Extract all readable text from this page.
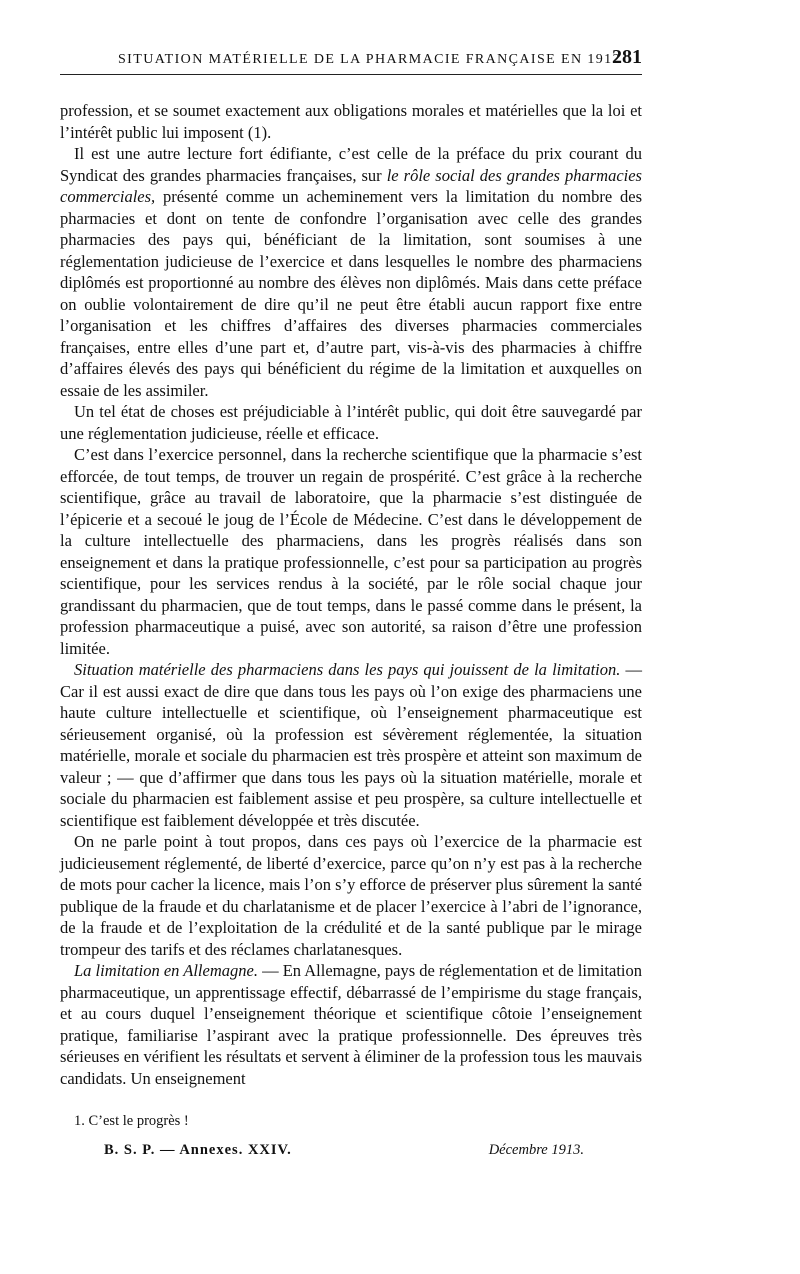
SITUATION MATÉRIELLE DE LA PHARMACIE FRANÇAISE EN 1912
281

profession, et se soumet exactement aux obligations morales et matérielles que la loi et l’intérêt public lui imposent (1).

Il est une autre lecture fort édifiante, c’est celle de la préface du prix courant du Syndicat des grandes pharmacies françaises, sur le rôle social des grandes pharmacies commerciales, présenté comme un acheminement vers la limitation du nombre des pharmacies et dont on tente de confondre l’organisation avec celle des grandes pharmacies des pays qui, bénéficiant de la limitation, sont soumises à une réglementation judicieuse de l’exercice et dans lesquelles le nombre des pharmaciens diplômés est proportionné au nombre des élèves non diplômés. Mais dans cette préface on oublie volontairement de dire qu’il ne peut être établi aucun rapport fixe entre l’organisation et les chiffres d’affaires des diverses pharmacies commerciales françaises, entre elles d’une part et, d’autre part, vis-à-vis des pharmacies à chiffre d’affaires élevés des pays qui bénéficient du régime de la limitation et auxquelles on essaie de les assimiler.

Un tel état de choses est préjudiciable à l’intérêt public, qui doit être sauvegardé par une réglementation judicieuse, réelle et efficace.

C’est dans l’exercice personnel, dans la recherche scientifique que la pharmacie s’est efforcée, de tout temps, de trouver un regain de prospérité. C’est grâce à la recherche scientifique, grâce au travail de laboratoire, que la pharmacie s’est distinguée de l’épicerie et a secoué le joug de l’École de Médecine. C’est dans le développement de la culture intellectuelle des pharmaciens, dans les progrès réalisés dans son enseignement et dans la pratique professionnelle, c’est pour sa participation au progrès scientifique, pour les services rendus à la société, par le rôle social chaque jour grandissant du pharmacien, que de tout temps, dans le passé comme dans le présent, la profession pharmaceutique a puisé, avec son autorité, sa raison d’être une profession limitée.

Situation matérielle des pharmaciens dans les pays qui jouissent de la limitation. — Car il est aussi exact de dire que dans tous les pays où l’on exige des pharmaciens une haute culture intellectuelle et scientifique, où l’enseignement pharmaceutique est sérieusement organisé, où la profession est sévèrement réglementée, la situation matérielle, morale et sociale du pharmacien est très prospère et atteint son maximum de valeur ; — que d’affirmer que dans tous les pays où la situation matérielle, morale et sociale du pharmacien est faiblement assise et peu prospère, sa culture intellectuelle et scientifique est faiblement développée et très discutée.

On ne parle point à tout propos, dans ces pays où l’exercice de la pharmacie est judicieusement réglementé, de liberté d’exercice, parce qu’on n’y est pas à la recherche de mots pour cacher la licence, mais l’on s’y efforce de préserver plus sûrement la santé publique de la fraude et du charlatanisme et de placer l’exercice à l’abri de l’ignorance, de la fraude et de l’exploitation de la crédulité et de la santé publique par le mirage trompeur des tarifs et des réclames charlatanesques.

La limitation en Allemagne. — En Allemagne, pays de réglementation et de limitation pharmaceutique, un apprentissage effectif, débarrassé de l’empirisme du stage français, et au cours duquel l’enseignement théorique et scientifique côtoie l’enseignement pratique, familiarise l’aspirant avec la pratique professionnelle. Des épreuves très sérieuses en vérifient les résultats et servent à éliminer de la profession tous les mauvais candidats. Un enseignement

1. C’est le progrès !
B. S. P. — Annexes. XXIV.	Décembre 1913.
